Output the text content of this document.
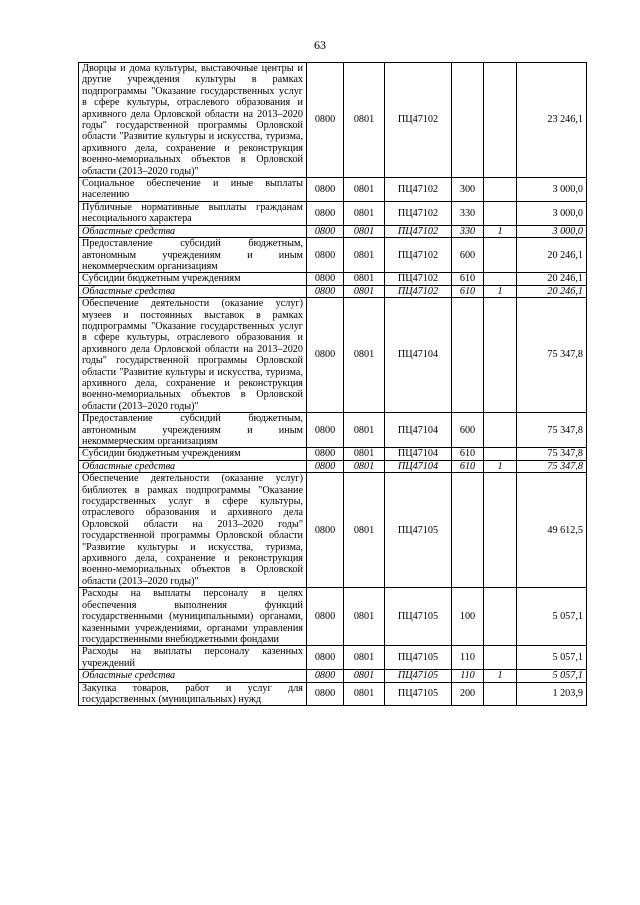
63
Дворцы и дома культуры, выставочные центры и другие учреждения культуры в рамках подпрограммы "Оказание государственных услуг в сфере культуры, отраслевого образования и архивного дела Орловской области на 2013–2020 годы" государственной программы Орловской области "Развитие культуры и искусства, туризма, архивного дела, сохранение и реконструкция военно-мемориальных объектов в Орловской области (2013–2020 годы)"	0800	0801	ПЦ47102			23 246,1
Социальное обеспечение и иные выплаты населению	0800	0801	ПЦ47102	300		3 000,0
Публичные нормативные выплаты гражданам несоциального характера	0800	0801	ПЦ47102	330		3 000,0
Областные средства	0800	0801	ПЦ47102	330	1	3 000,0
Предоставление субсидий бюджетным, автономным учреждениям и иным некоммерческим организациям	0800	0801	ПЦ47102	600		20 246,1
Субсидии бюджетным учреждениям	0800	0801	ПЦ47102	610		20 246,1
Областные средства	0800	0801	ПЦ47102	610	1	20 246,1
Обеспечение деятельности (оказание услуг) музеев и постоянных выставок в рамках подпрограммы "Оказание государственных услуг в сфере культуры, отраслевого образования и архивного дела Орловской области на 2013–2020 годы" государственной программы Орловской области "Развитие культуры и искусства, туризма, архивного дела, сохранение и реконструкция военно-мемориальных объектов в Орловской области (2013–2020 годы)"	0800	0801	ПЦ47104			75 347,8
Предоставление субсидий бюджетным, автономным учреждениям и иным некоммерческим организациям	0800	0801	ПЦ47104	600		75 347,8
Субсидии бюджетным учреждениям	0800	0801	ПЦ47104	610		75 347,8
Областные средства	0800	0801	ПЦ47104	610	1	75 347,8
Обеспечение деятельности (оказание услуг) библиотек в рамках подпрограммы "Оказание государственных услуг в сфере культуры, отраслевого образования и архивного дела Орловской области на 2013–2020 годы" государственной программы Орловской области "Развитие культуры и искусства, туризма, архивного дела, сохранение и реконструкция военно-мемориальных объектов в Орловской области (2013–2020 годы)"	0800	0801	ПЦ47105			49 612,5
Расходы на выплаты персоналу в целях обеспечения выполнения функций государственными (муниципальными) органами, казенными учреждениями, органами управления государственными внебюджетными фондами	0800	0801	ПЦ47105	100		5 057,1
Расходы на выплаты персоналу казенных учреждений	0800	0801	ПЦ47105	110		5 057,1
Областные средства	0800	0801	ПЦ47105	110	1	5 057,1
Закупка товаров, работ и услуг для государственных (муниципальных) нужд	0800	0801	ПЦ47105	200		1 203,9
